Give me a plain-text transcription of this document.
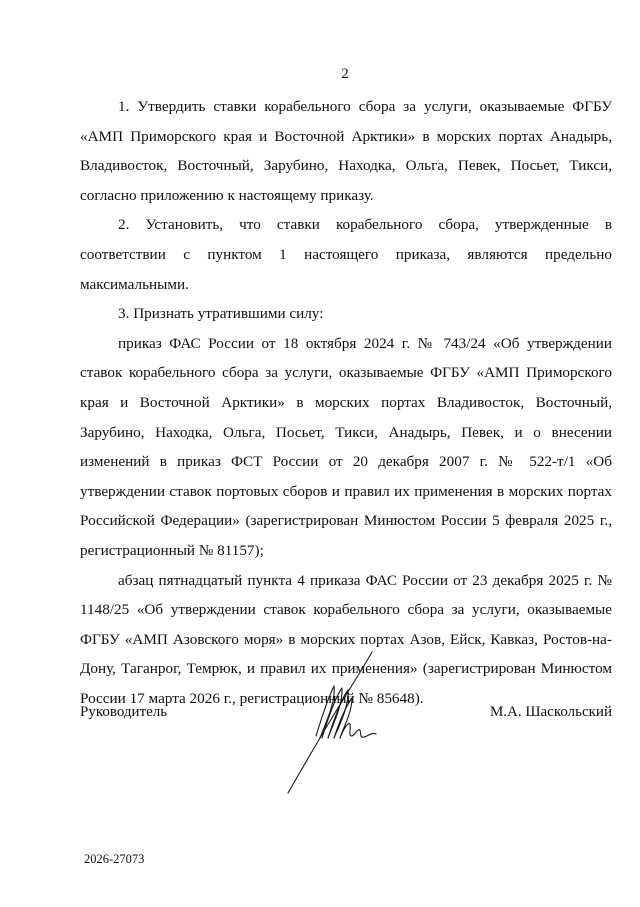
2

1. Утвердить ставки корабельного сбора за услуги, оказываемые ФГБУ «АМП Приморского края и Восточной Арктики» в морских портах Анадырь, Владивосток, Восточный, Зарубино, Находка, Ольга, Певек, Посьет, Тикси, согласно приложению к настоящему приказу.

2. Установить, что ставки корабельного сбора, утвержденные в соответствии с пунктом 1 настоящего приказа, являются предельно максимальными.

3. Признать утратившими силу:

приказ ФАС России от 18 октября 2024 г. № 743/24 «Об утверждении ставок корабельного сбора за услуги, оказываемые ФГБУ «АМП Приморского края и Восточной Арктики» в морских портах Владивосток, Восточный, Зарубино, Находка, Ольга, Посьет, Тикси, Анадырь, Певек, и о внесении изменений в приказ ФСТ России от 20 декабря 2007 г. № 522-т/1 «Об утверждении ставок портовых сборов и правил их применения в морских портах Российской Федерации» (зарегистрирован Минюстом России 5 февраля 2025 г., регистрационный № 81157);

абзац пятнадцатый пункта 4 приказа ФАС России от 23 декабря 2025 г. № 1148/25 «Об утверждении ставок корабельного сбора за услуги, оказываемые ФГБУ «АМП Азовского моря» в морских портах Азов, Ейск, Кавказ, Ростов-на-Дону, Таганрог, Темрюк, и правил их применения» (зарегистрирован Минюстом России 17 марта 2026 г., регистрационный № 85648).

Руководитель	М.А. Шаскольский
2026-27073
